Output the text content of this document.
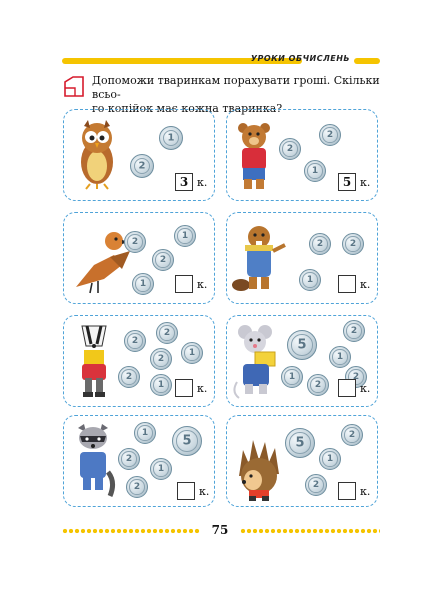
УРОКИ ОБЧИСЛЕНЬ
Допоможи тваринкам порахувати гроші. Скільки всьо-
го копійок має кожна тваринка?
1
2
3 к.
2
2
1
5 к.
2
1
2
1	к.
2	2
1	к.
2
2
1
2
2
1	к.
5
2
1
1
2
2
к.
1
5
2
1
2	к.
5
2
1
2	к.
75
